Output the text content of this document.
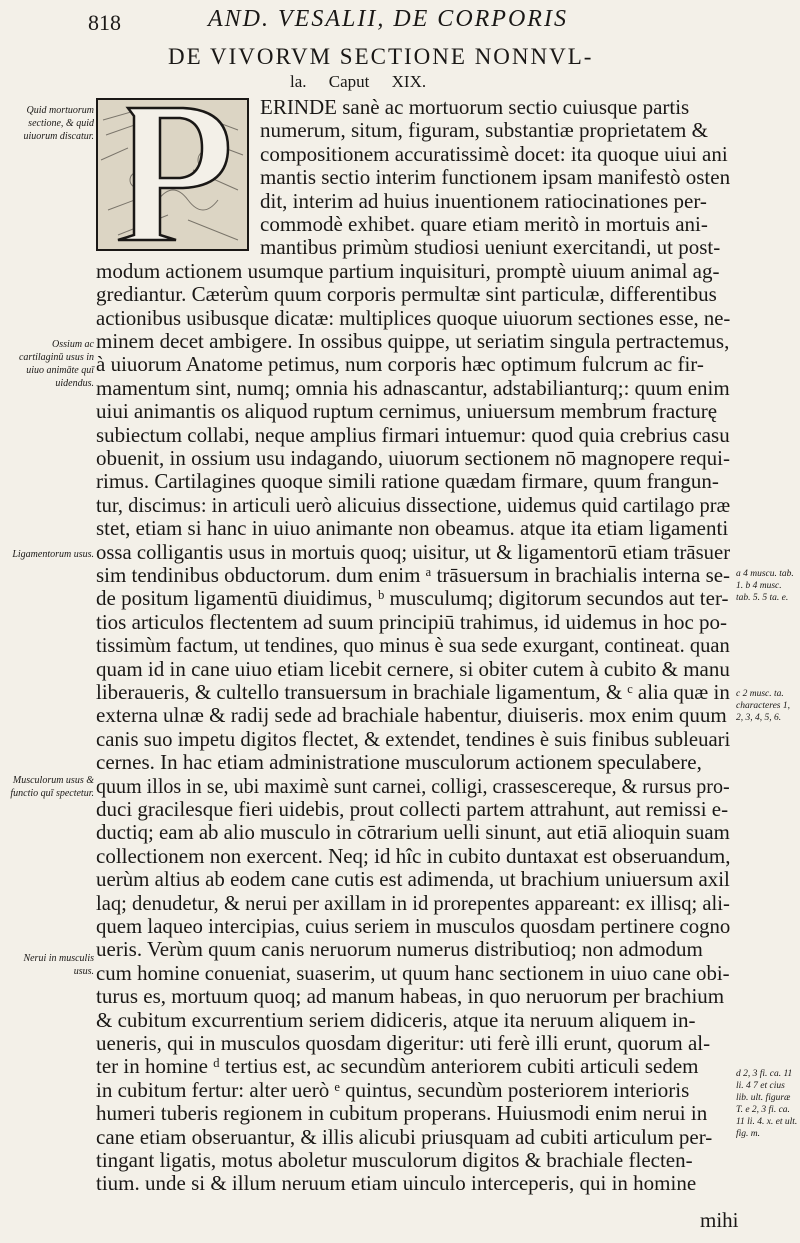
818	AND. VESALII, DE CORPORIS
DE VIVORVM SECTIONE NONNVL-
la. Caput XIX.
ERINDE sanè ac mortuorum sectio cuiusque partis
numerum, situm, figuram, substantiæ proprietatem &
compositionem accuratissimè docet: ita quoque uiui ani
mantis sectio interim functionem ipsam manifestò osten
dit, interim ad huius inuentionem ratiocinationes per-
commodè exhibet. quare etiam meritò in mortuis ani-
mantibus primùm studiosi ueniunt exercitandi, ut post-
modum actionem usumque partium inquisituri, promptè uiuum animal ag-
grediantur. Cæterùm quum corporis permultæ sint particulæ, differentibus
actionibus usibusque dicatæ: multiplices quoque uiuorum sectiones esse, ne-
minem decet ambigere. In ossibus quippe, ut seriatim singula pertractemus,
à uiuorum Anatome petimus, num corporis hæc optimum fulcrum ac fir-
mamentum sint, numq; omnia his adnascantur, adstabilianturq;: quum enim
uiui animantis os aliquod ruptum cernimus, uniuersum membrum fracturę
subiectum collabi, neque amplius firmari intuemur: quod quia crebrius casu
obuenit, in ossium usu indagando, uiuorum sectionem nō magnopere requi-
rimus. Cartilagines quoque simili ratione quædam firmare, quum frangun-
tur, discimus: in articuli uerò alicuius dissectione, uidemus quid cartilago præ
stet, etiam si hanc in uiuo animante non obeamus. atque ita etiam ligamenti
ossa colligantis usus in mortuis quoq; uisitur, ut & ligamentorū etiam trāsuer
sim tendinibus obductorum. dum enim ᵃ trāsuersum in brachialis interna se-
de positum ligamentū diuidimus, ᵇ musculumq; digitorum secundos aut ter-
tios articulos flectentem ad suum principiū trahimus, id uidemus in hoc po-
tissimùm factum, ut tendines, quo minus è sua sede exurgant, contineat. quan
quam id in cane uiuo etiam licebit cernere, si obiter cutem à cubito & manu
liberaueris, & cultello transuersum in brachiale ligamentum, & ᶜ alia quæ in
externa ulnæ & radij sede ad brachiale habentur, diuiseris. mox enim quum
canis suo impetu digitos flectet, & extendet, tendines è suis finibus subleuari
cernes. In hac etiam administratione musculorum actionem speculabere,
quum illos in se, ubi maximè sunt carnei, colligi, crassescereque, & rursus pro-
duci gracilesque fieri uidebis, prout collecti partem attrahunt, aut remissi e-
ductiq; eam ab alio musculo in cōtrarium uelli sinunt, aut etiā alioquin suam
collectionem non exercent. Neq; id hîc in cubito duntaxat est obseruandum,
uerùm altius ab eodem cane cutis est adimenda, ut brachium uniuersum axil
laq; denudetur, & nerui per axillam in id prorepentes appareant: ex illisq; ali-
quem laqueo intercipias, cuius seriem in musculos quosdam pertinere cogno
ueris. Verùm quum canis neruorum numerus distributioq; non admodum
cum homine conueniat, suaserim, ut quum hanc sectionem in uiuo cane obi-
turus es, mortuum quoq; ad manum habeas, in quo neruorum per brachium
& cubitum excurrentium seriem didiceris, atque ita neruum aliquem in-
ueneris, qui in musculos quosdam digeritur: uti ferè illi erunt, quorum al-
ter in homine ᵈ tertius est, ac secundùm anteriorem cubiti articuli sedem
in cubitum fertur: alter uerò ᵉ quintus, secundùm posteriorem interioris
humeri tuberis regionem in cubitum properans. Huiusmodi enim nerui in
cane etiam obseruantur, & illis alicubi priusquam ad cubiti articulum per-
tingant ligatis, motus aboletur musculorum digitos & brachiale flecten-
tium. unde si & illum neruum etiam uinculo interceperis, qui in homine
Quid mortuorum sectione, & quid uiuorum discatur.
Ossium ac cartilaginū usus in uiuo animāte quī uidendus.
Ligamentorum usus.
Musculorum usus & functio quī spectetur.
Nerui in musculis usus.
a 4 muscu. tab. 1. b 4 musc. tab. 5. 5 ta. e.
c 2 musc. ta. characteres 1, 2, 3, 4, 5, 6.
d 2, 3 fi. ca. 11 li. 4 7 et cius lib. ult. figuræ T. e 2, 3 fi. ca. 11 li. 4. x. et ult. fig. m.
mihi
